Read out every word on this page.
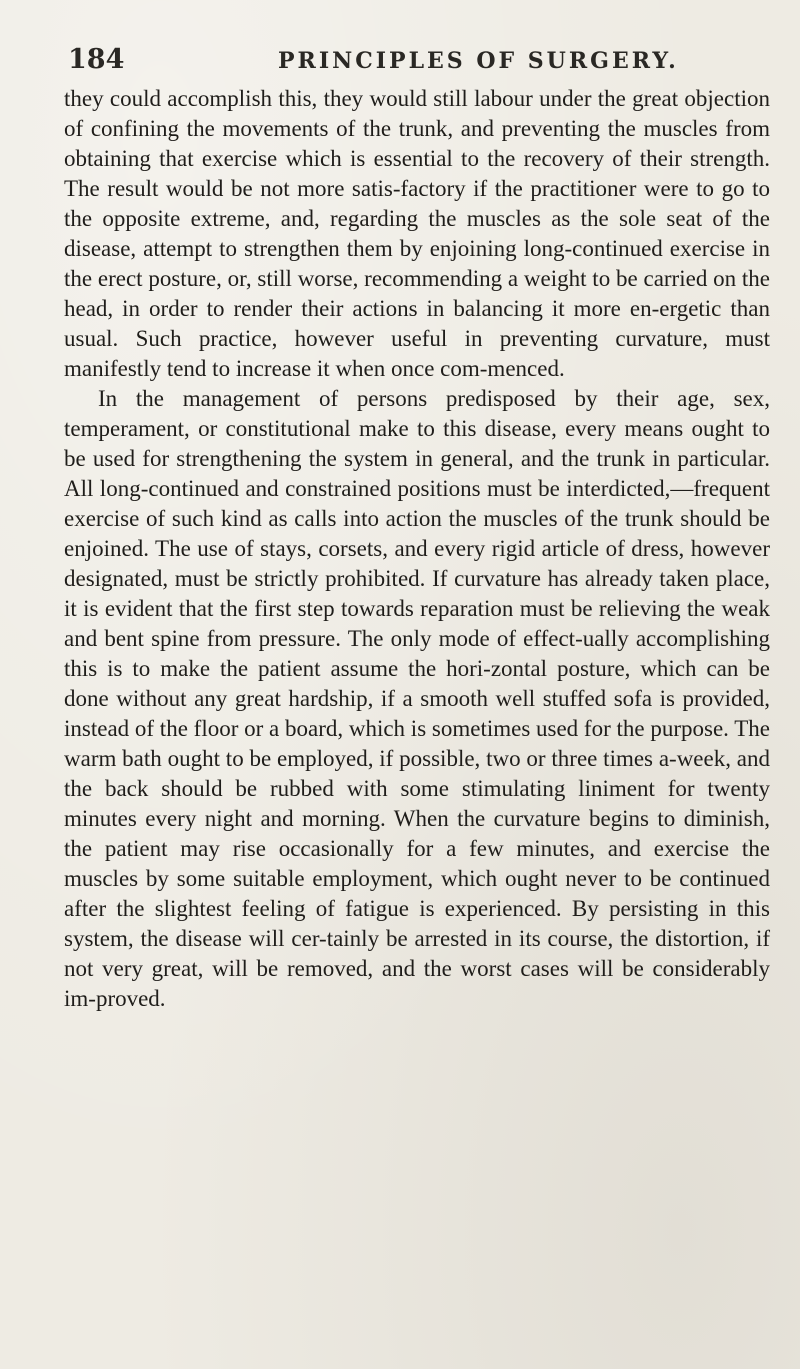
184	PRINCIPLES OF SURGERY.

they could accomplish this, they would still labour under the great objection of confining the movements of the trunk, and preventing the muscles from obtaining that exercise which is essential to the recovery of their strength. The result would be not more satis-factory if the practitioner were to go to the opposite extreme, and, regarding the muscles as the sole seat of the disease, attempt to strengthen them by enjoining long-continued exercise in the erect posture, or, still worse, recommending a weight to be carried on the head, in order to render their actions in balancing it more en-ergetic than usual. Such practice, however useful in preventing curvature, must manifestly tend to increase it when once com-menced.

In the management of persons predisposed by their age, sex, temperament, or constitutional make to this disease, every means ought to be used for strengthening the system in general, and the trunk in particular. All long-continued and constrained positions must be interdicted,—frequent exercise of such kind as calls into action the muscles of the trunk should be enjoined. The use of stays, corsets, and every rigid article of dress, however designated, must be strictly prohibited. If curvature has already taken place, it is evident that the first step towards reparation must be relieving the weak and bent spine from pressure. The only mode of effect-ually accomplishing this is to make the patient assume the hori-zontal posture, which can be done without any great hardship, if a smooth well stuffed sofa is provided, instead of the floor or a board, which is sometimes used for the purpose. The warm bath ought to be employed, if possible, two or three times a-week, and the back should be rubbed with some stimulating liniment for twenty minutes every night and morning. When the curvature begins to diminish, the patient may rise occasionally for a few minutes, and exercise the muscles by some suitable employment, which ought never to be continued after the slightest feeling of fatigue is experienced. By persisting in this system, the disease will cer-tainly be arrested in its course, the distortion, if not very great, will be removed, and the worst cases will be considerably im-proved.
